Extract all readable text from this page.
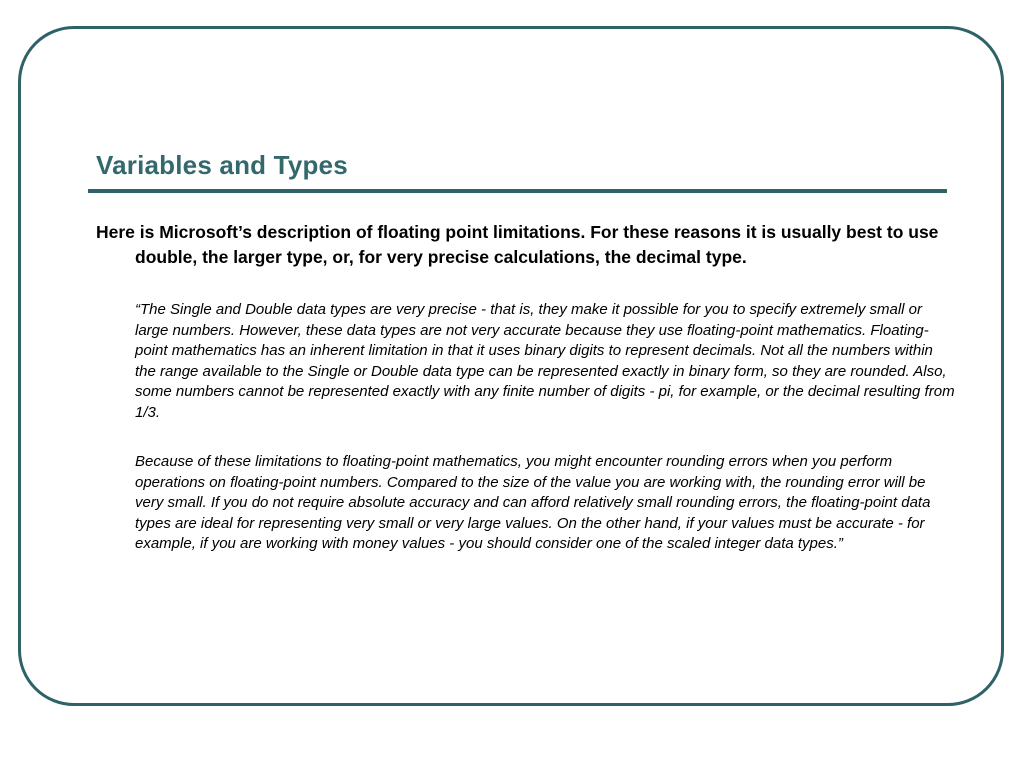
Variables and Types

Here is Microsoft’s description of floating point limitations. For these reasons it is usually best to use double, the larger type, or, for very precise calculations, the decimal type.

“The Single and Double data types are very precise - that is, they make it possible for you to specify extremely small or large numbers. However, these data types are not very accurate because they use floating-point mathematics. Floating-point mathematics has an inherent limitation in that it uses binary digits to represent decimals. Not all the numbers within the range available to the Single or Double data type can be represented exactly in binary form, so they are rounded. Also, some numbers cannot be represented exactly with any finite number of digits - pi, for example, or the decimal resulting from 1/3.

Because of these limitations to floating-point mathematics, you might encounter rounding errors when you perform operations on floating-point numbers. Compared to the size of the value you are working with, the rounding error will be very small. If you do not require absolute accuracy and can afford relatively small rounding errors, the floating-point data types are ideal for representing very small or very large values. On the other hand, if your values must be accurate - for example, if you are working with money values - you should consider one of the scaled integer data types.”
